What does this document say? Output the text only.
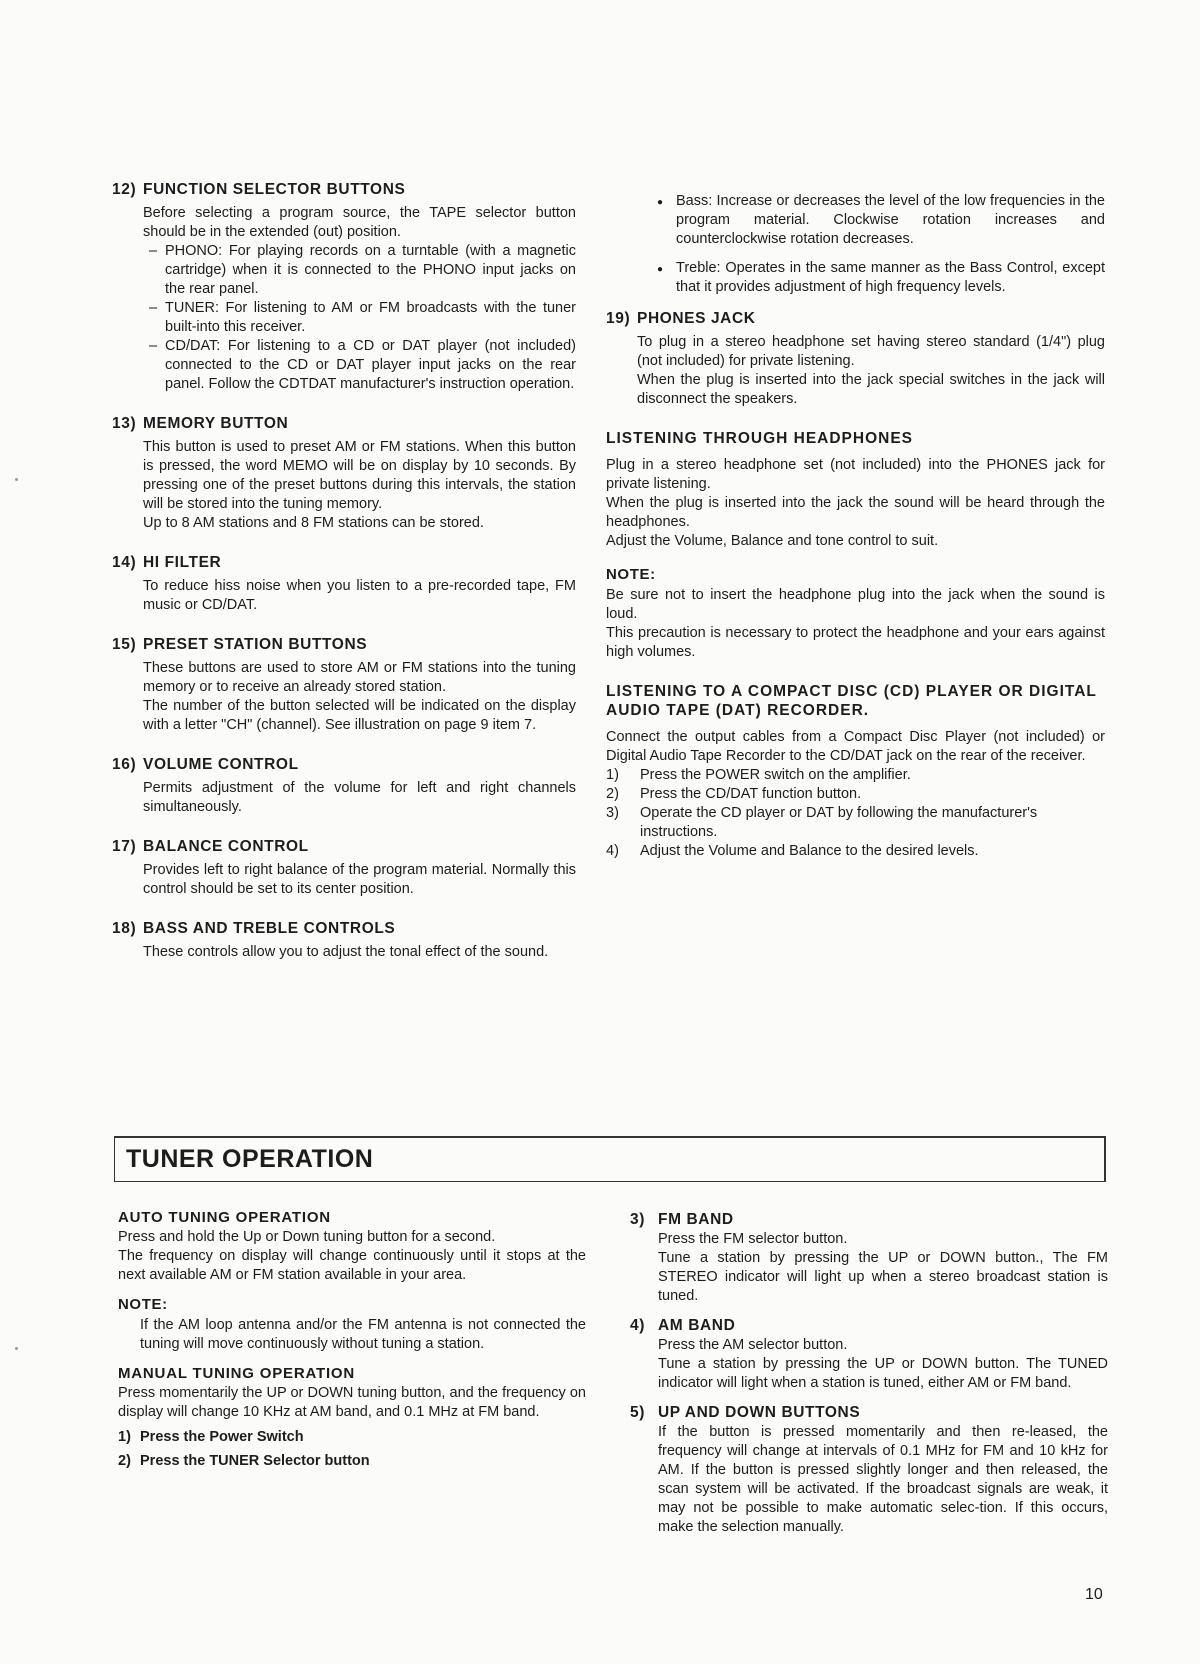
12) FUNCTION SELECTOR BUTTONS

Before selecting a program source, the TAPE selector button should be in the extended (out) position.

– PHONO: For playing records on a turntable (with a magnetic cartridge) when it is connected to the PHONO input jacks on the rear panel.
– TUNER: For listening to AM or FM broadcasts with the tuner built-into this receiver.
– CD/DAT: For listening to a CD or DAT player (not included) connected to the CD or DAT player input jacks on the rear panel. Follow the CDTDAT manufacturer's instruction operation.
13) MEMORY BUTTON

This button is used to preset AM or FM stations. When this button is pressed, the word MEMO will be on display by 10 seconds. By pressing one of the preset buttons during this intervals, the station will be stored into the tuning memory.

Up to 8 AM stations and 8 FM stations can be stored.

14) HI FILTER

To reduce hiss noise when you listen to a pre-recorded tape, FM music or CD/DAT.

15) PRESET STATION BUTTONS

These buttons are used to store AM or FM stations into the tuning memory or to receive an already stored station.

The number of the button selected will be indicated on the display with a letter "CH" (channel). See illustration on page 9 item 7.

16) VOLUME CONTROL

Permits adjustment of the volume for left and right channels simultaneously.

17) BALANCE CONTROL

Provides left to right balance of the program material. Normally this control should be set to its center position.

18) BASS AND TREBLE CONTROLS

These controls allow you to adjust the tonal effect of the sound.

● Bass: Increase or decreases the level of the low frequencies in the program material. Clockwise rotation increases and counterclockwise rotation decreases.
● Treble: Operates in the same manner as the Bass Control, except that it provides adjustment of high frequency levels.
19) PHONES JACK

To plug in a stereo headphone set having stereo standard (1/4") plug (not included) for private listening.

When the plug is inserted into the jack special switches in the jack will disconnect the speakers.

LISTENING THROUGH HEADPHONES

Plug in a stereo headphone set (not included) into the PHONES jack for private listening.

When the plug is inserted into the jack the sound will be heard through the headphones.

Adjust the Volume, Balance and tone control to suit.

NOTE:

Be sure not to insert the headphone plug into the jack when the sound is loud.

This precaution is necessary to protect the headphone and your ears against high volumes.

LISTENING TO A COMPACT DISC (CD) PLAYER OR DIGITAL AUDIO TAPE (DAT) RECORDER.

Connect the output cables from a Compact Disc Player (not included) or Digital Audio Tape Recorder to the CD/DAT jack on the rear of the receiver.

1)	Press the POWER switch on the amplifier.
2)	Press the CD/DAT function button.
3)	Operate the CD player or DAT by following the manufacturer's instructions.
4)	Adjust the Volume and Balance to the desired levels.
TUNER OPERATION
AUTO TUNING OPERATION

Press and hold the Up or Down tuning button for a second.

The frequency on display will change continuously until it stops at the next available AM or FM station available in your area.

NOTE:

If the AM loop antenna and/or the FM antenna is not connected the tuning will move continuously without tuning a station.

MANUAL TUNING OPERATION

Press momentarily the UP or DOWN tuning button, and the frequency on display will change 10 KHz at AM band, and 0.1 MHz at FM band.

1) Press the Power Switch
2) Press the TUNER Selector button
3) FM BAND

Press the FM selector button.

Tune a station by pressing the UP or DOWN button., The FM STEREO indicator will light up when a stereo broadcast station is tuned.

4) AM BAND

Press the AM selector button.

Tune a station by pressing the UP or DOWN button. The TUNED indicator will light when a station is tuned, either AM or FM band.

5) UP AND DOWN BUTTONS

If the button is pressed momentarily and then re-leased, the frequency will change at intervals of 0.1 MHz for FM and 10 kHz for AM. If the button is pressed slightly longer and then released, the scan system will be activated. If the broadcast signals are weak, it may not be possible to make automatic selec-tion. If this occurs, make the selection manually.

10
